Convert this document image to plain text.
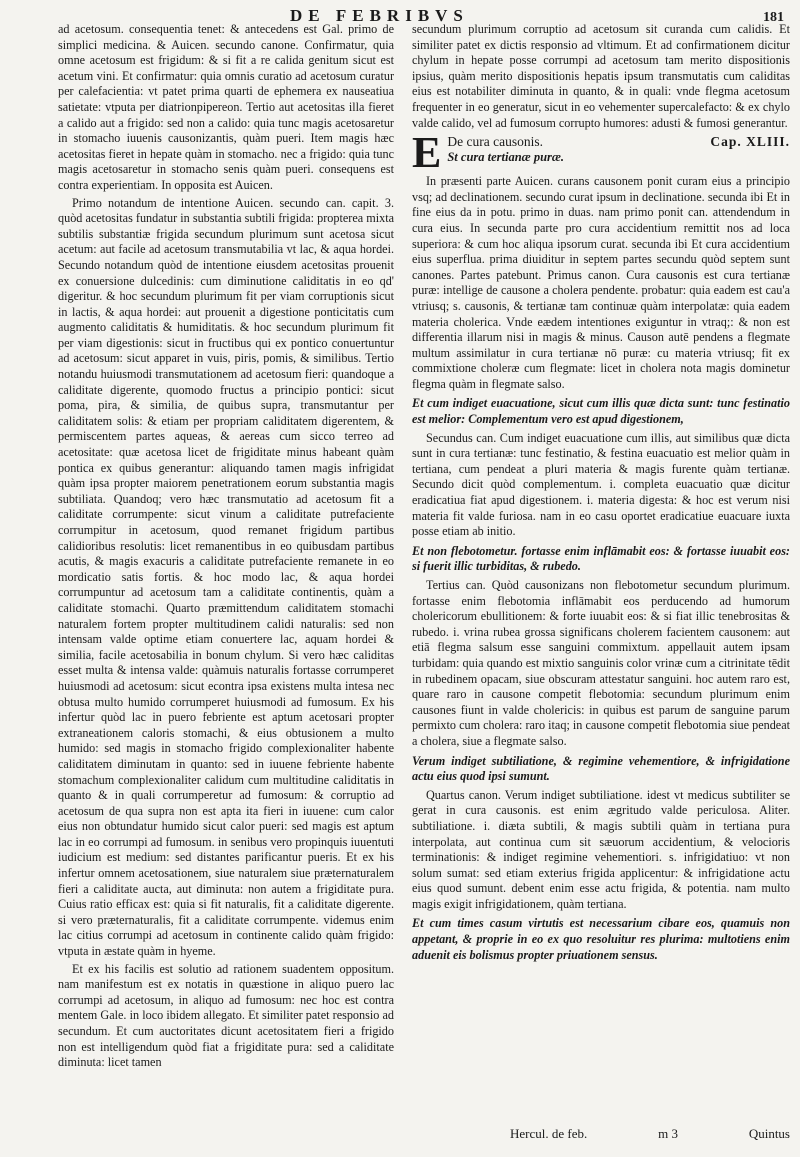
DE FEBRIBVS	181

ad acetosum. consequentia tenet: & antecedens est Gal. primo de simplici medicina. & Auicen. secundo canone. Confirmatur, quia omne acetosum est frigidum: & si fit a re calida genitum sicut est acetum vini. Et confirmatur: quia omnis curatio ad acetosum curatur per calefacientia: vt patet prima quarti de ephemera ex nauseatiua satietate: vtputa per diatrionpipereon. Tertio aut acetositas illa fieret a calido aut a frigido: sed non a calido: quia tunc magis acetosaretur in stomacho iuuenis causonizantis, quàm pueri. Item magis hæc acetositas fieret in hepate quàm in stomacho. nec a frigido: quia tunc magis acetosaretur in stomacho senis quàm pueri. consequens est contra experientiam. In opposita est Auicen.

Primo notandum de intentione Auicen. secundo can. capit. 3. quòd acetositas fundatur in substantia subtili frigida: propterea mixta subtilis substantiæ frigida secundum plurimum sunt acetosa sicut acetum: aut facile ad acetosum transmutabilia vt lac, & aqua hordei. Secundo notandum quòd de intentione eiusdem acetositas prouenit ex conuersione dulcedinis: cum diminutione caliditatis in eo qd' digeritur. & hoc secundum plurimum fit per viam corruptionis sicut in lactis, & aqua hordei: aut prouenit a digestione ponticitatis cum augmento caliditatis & humiditatis. & hoc secundum plurimum fit per viam digestionis: sicut in fructibus qui ex pontico conuertuntur ad acetosum: sicut apparet in vuis, piris, pomis, & similibus. Tertio notandu huiusmodi transmutationem ad acetosum fieri: quandoque a caliditate digerente, quomodo fructus a principio pontici: sicut poma, pira, & similia, de quibus supra, transmutantur per caliditatem solis: & etiam per propriam caliditatem digerentem, & permiscentem partes aqueas, & aereas cum sicco terreo ad acetositate: quæ acetosa licet de frigiditate minus habeant quàm pontica ex quibus generantur: aliquando tamen magis infrigidat quàm ipsa propter maiorem penetrationem eorum substantia magis subtiliata. Quandoq; vero hæc transmutatio ad acetosum fit a caliditate corrumpente: sicut vinum a caliditate putrefaciente corrumpitur in acetosum, quod remanet frigidum partibus calidioribus resolutis: licet remanentibus in eo quibusdam partibus acutis, & magis exacuris a caliditate putrefaciente remanete in eo mordicatio satis fortis. & hoc modo lac, & aqua hordei corrumpuntur ad acetosum tam a caliditate continentis, quàm a caliditate stomachi. Quarto præmittendum caliditatem stomachi naturalem fortem propter multitudinem calidi naturalis: sed non intensam valde optime etiam conuertere lac, aquam hordei & similia, facile acetosabilia in bonum chylum. Si vero hæc caliditas esset multa & intensa valde: quàmuis naturalis fortasse corrumperet huiusmodi ad acetosum: sicut econtra ipsa existens multa intesa nec obtusa multo humido corrumperet huiusmodi ad fumosum. Ex his infertur quòd lac in puero febriente est aptum acetosari propter extraneationem caloris stomachi, & eius obtusionem a multo humido: sed magis in stomacho frigido complexionaliter habente caliditatem diminutam in quanto: sed in iuuene febriente habente stomachum complexionaliter calidum cum multitudine caliditatis in quanto & in quali corrumperetur ad fumosum: & corruptio ad acetosum de qua supra non est apta ita fieri in iuuene: cum calor eius non obtundatur humido sicut calor pueri: sed magis est aptum lac in eo corrumpi ad fumosum. in senibus vero propinquis iuuentuti iudicium est medium: sed distantes parificantur pueris. Et ex his infertur omnem acetosationem, siue naturalem siue præternaturalem fieri a caliditate aucta, aut diminuta: non autem a frigiditate pura. Cuius ratio efficax est: quia si fit naturalis, fit a caliditate digerente. si vero præternaturalis, fit a caliditate corrumpente. videmus enim lac citius corrumpi ad acetosum in continente calido quàm frigido: vtputa in æstate quàm in hyeme.

Et ex his facilis est solutio ad rationem suadentem oppositum. nam manifestum est ex notatis in quæstione in aliquo puero lac corrumpi ad acetosum, in aliquo ad fumosum: nec hoc est contra mentem Gale. in loco ibidem allegato. Et similiter patet responsio ad secundum. Et cum auctoritates dicunt acetositatem fieri a frigido non est intelligendum quòd fiat a frigiditate pura: sed a caliditate diminuta: licet tamen

secundum plurimum corruptio ad acetosum sit curanda cum calidis. Et similiter patet ex dictis responsio ad vltimum. Et ad confirmationem dicitur chylum in hepate posse corrumpi ad acetosum tam merito dispositionis ipsius, quàm merito dispositionis hepatis ipsum transmutatis cum caliditas eius est notabiliter diminuta in quanto, & in quali: vnde flegma acetosum frequenter in eo generatur, sicut in eo vehementer supercalefacto: & ex chylo valde calido, vel ad fumosum corrupto humores: adusti & fumosi generantur.

E De cura causonis.	Cap. XLIII.
St cura tertianæ puræ.

In præsenti parte Auicen. curans causonem ponit curam eius a principio vsq; ad declinationem. secundo curat ipsum in declinatione. secunda ibi Et in fine eius da in potu. primo in duas. nam primo ponit can. attendendum in cura eius. In secunda parte pro cura accidentium remittit nos ad loca superiora: & cum hoc aliqua ipsorum curat. secunda ibi Et cura accidentium eius superflua. prima diuiditur in septem partes secundu quòd septem sunt canones. Partes patebunt. Primus canon. Cura causonis est cura tertianæ puræ: intellige de causone a cholera pendente. probatur: quia eadem est cau'a vtriusq; s. causonis, & tertianæ tam continuæ quàm interpolatæ: quia eadem materia cholerica. Vnde eædem intentiones exiguntur in vtraq;: & non est differentia illarum nisi in magis & minus. Causon autē pendens a flegmate multum assimilatur in cura tertianæ nō puræ: cu materia vtriusq; fit ex commixtione choleræ cum flegmate: licet in cholera nota magis dominetur flegma quàm in flegmate salso.

Et cum indiget euacuatione, sicut cum illis quæ dicta sunt: tunc festinatio est melior: Complementum vero est apud digestionem,

Secundus can. Cum indiget euacuatione cum illis, aut similibus quæ dicta sunt in cura tertianæ: tunc festinatio, & festina euacuatio est melior quàm in tertiana, cum pendeat a pluri materia & magis furente quàm tertianæ. Secundo dicit quòd complementum. i. completa euacuatio quæ dicitur eradicatiua fiat apud digestionem. i. materia digesta: & hoc est verum nisi materia fit valde furiosa. nam in eo casu oportet eradicatiue euacuare iuxta posse etiam ab initio.

Et non flebotometur. fortasse enim inflāmabit eos: & fortasse iuuabit eos: si fuerit illic turbiditas, & rubedo.

Tertius can. Quòd causonizans non flebotometur secundum plurimum. fortasse enim flebotomia inflāmabit eos perducendo ad humorum cholericorum ebullitionem: & forte iuuabit eos: & si fiat illic tenebrositas & rubedo. i. vrina rubea grossa significans cholerem facientem causonem: aut etiā flegma salsum esse sanguini commixtum. appellauit autem ipsam turbidam: quia quando est mixtio sanguinis color vrinæ cum a citrinitate tēdit in rubedinem opacam, siue obscuram attestatur sanguini. hoc autem raro est, quare raro in causone competit flebotomia: secundum plurimum enim causones fiunt in valde cholericis: in quibus est parum de sanguine parum permixto cum cholera: raro itaq; in causone competit flebotomia siue pendeat a cholera, siue a flegmate salso.

Verum indiget subtiliatione, & regimine vehementiore, & infrigidatione actu eius quod ipsi sumunt.

Quartus canon. Verum indiget subtiliatione. idest vt medicus subtiliter se gerat in cura causonis. est enim ægritudo valde periculosa. Aliter. subtiliatione. i. diæta subtili, & magis subtili quàm in tertiana pura interpolata, aut continua cum sit sæuorum accidentium, & velocioris terminationis: & indiget regimine vehementiori. s. infrigidatiuo: vt non solum sumat: sed etiam exterius frigida applicentur: & infrigidatione actu eius quod sumunt. debent enim esse actu frigida, & potentia. nam multo magis exigit infrigidationem, quàm tertiana.

Et cum times casum virtutis est necessarium cibare eos, quamuis non appetant, & proprie in eo ex quo resoluitur res plurima: multotiens enim aduenit eis bolismus propter priuationem sensus.

Hercul. de feb.	m 3	Quintus
